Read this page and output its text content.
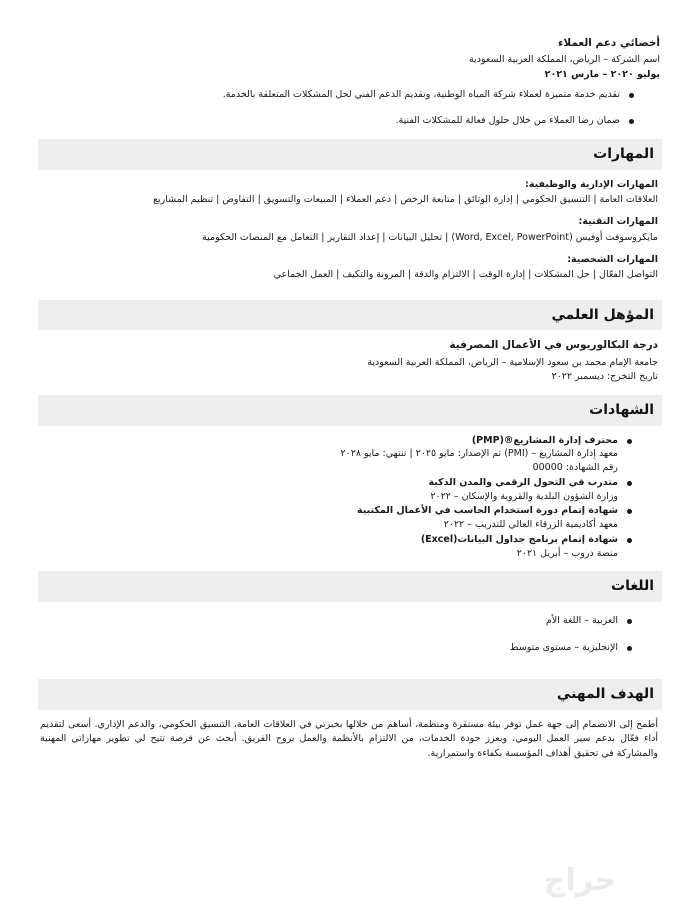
أخصائي دعم العملاء

اسم الشركة – الرياض، المملكة العربية السعودية

يوليو ٢٠٢٠ – مارس ٢٠٢١

تقديم خدمة متميزة لعملاء شركة المياه الوطنية، وتقديم الدعم الفني لحل المشكلات المتعلقة بالخدمة.
ضمان رضا العملاء من خلال حلول فعالة للمشكلات الفنية.
المهارات

المهارات الإدارية والوظيفية:

العلاقات العامة | التنسيق الحكومي | إدارة الوثائق | متابعة الرخص | دعم العملاء | المبيعات والتسويق | التفاوض | تنظيم المشاريع

المهارات التقنية:

مايكروسوفت أوفيس (Word, Excel, PowerPoint) | تحليل البيانات | إعداد التقارير | التعامل مع المنصات الحكومية

المهارات الشخصية:

التواصل الفعّال | حل المشكلات | إدارة الوقت | الالتزام والدقة | المرونة والتكيف | العمل الجماعي

المؤهل العلمي

درجة البكالوريوس في الأعمال المصرفية

جامعة الإمام محمد بن سعود الإسلامية – الرياض، المملكة العربية السعودية

تاريخ التخرج: ديسمبر ٢٠٢٢

الشهادات
محترف إدارة المشاريع®(PMP)
معهد إدارة المشاريع – (PMI) تم الإصدار: مايو ٢٠٢٥ | تنتهي: مايو ٢٠٢٨
رقم الشهادة: 00000
متدرب في التحول الرقمي والمدن الذكية
وزارة الشؤون البلدية والقروية والإسكان – ٢٠٢٢
شهادة إتمام دورة استخدام الحاسب في الأعمال المكتبية
معهد أكاديمية الزرقاء العالي للتدريب – ٢٠٢٢
شهادة إتمام برنامج جداول البيانات(Excel)
منصة دروب – أبريل ٢٠٢١
اللغات
العربية – اللغة الأم
الإنجليزية – مستوى متوسط
الهدف المهني

أطمح إلى الانضمام إلى جهة عمل توفر بيئة مستقرة ومنظمة، أساهم من خلالها بخبرتي في العلاقات العامة، التنسيق الحكومي، والدعم الإداري. أسعى لتقديم أداء فعّال بدعم سير العمل اليومي، وبعزز جودة الخدمات، من الالتزام بالأنظمة والعمل بروح الفريق. أبحث عن فرصة تتيح لي تطوير مهاراتي المهنية والمشاركة في تحقيق أهداف المؤسسة بكفاءة واستمرارية.

حراج
